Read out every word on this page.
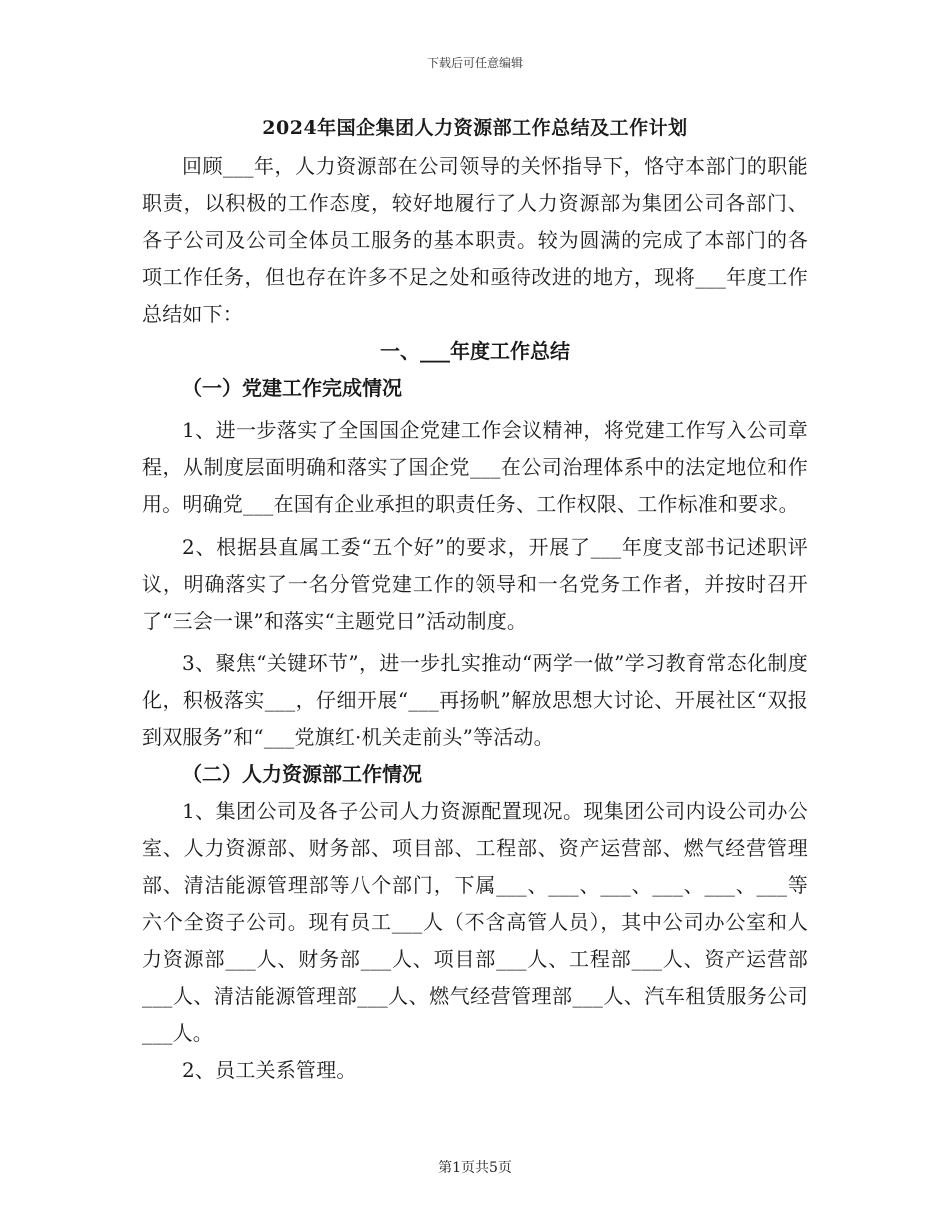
下载后可任意编辑

2024年国企集团人力资源部工作总结及工作计划

回顾___年，人力资源部在公司领导的关怀指导下，恪守本部门的职能职责，以积极的工作态度，较好地履行了人力资源部为集团公司各部门、各子公司及公司全体员工服务的基本职责。较为圆满的完成了本部门的各项工作任务，但也存在许多不足之处和亟待改进的地方，现将___年度工作总结如下：

一、___年度工作总结

（一）党建工作完成情况

1、进一步落实了全国国企党建工作会议精神，将党建工作写入公司章程，从制度层面明确和落实了国企党___在公司治理体系中的法定地位和作用。明确党___在国有企业承担的职责任务、工作权限、工作标准和要求。

2、根据县直属工委“五个好”的要求，开展了___年度支部书记述职评议，明确落实了一名分管党建工作的领导和一名党务工作者，并按时召开了“三会一课”和落实“主题党日”活动制度。

3、聚焦“关键环节”，进一步扎实推动“两学一做”学习教育常态化制度化，积极落实___，仔细开展“___再扬帆”解放思想大讨论、开展社区“双报到双服务”和“___党旗红·机关走前头”等活动。

（二）人力资源部工作情况

1、集团公司及各子公司人力资源配置现况。现集团公司内设公司办公室、人力资源部、财务部、项目部、工程部、资产运营部、燃气经营管理部、清洁能源管理部等八个部门，下属___、___、___、___、___、___等六个全资子公司。现有员工___人（不含高管人员），其中公司办公室和人力资源部___人、财务部___人、项目部___人、工程部___人、资产运营部___人、清洁能源管理部___人、燃气经营管理部___人、汽车租赁服务公司___人。

2、员工关系管理。

第1页共5页
